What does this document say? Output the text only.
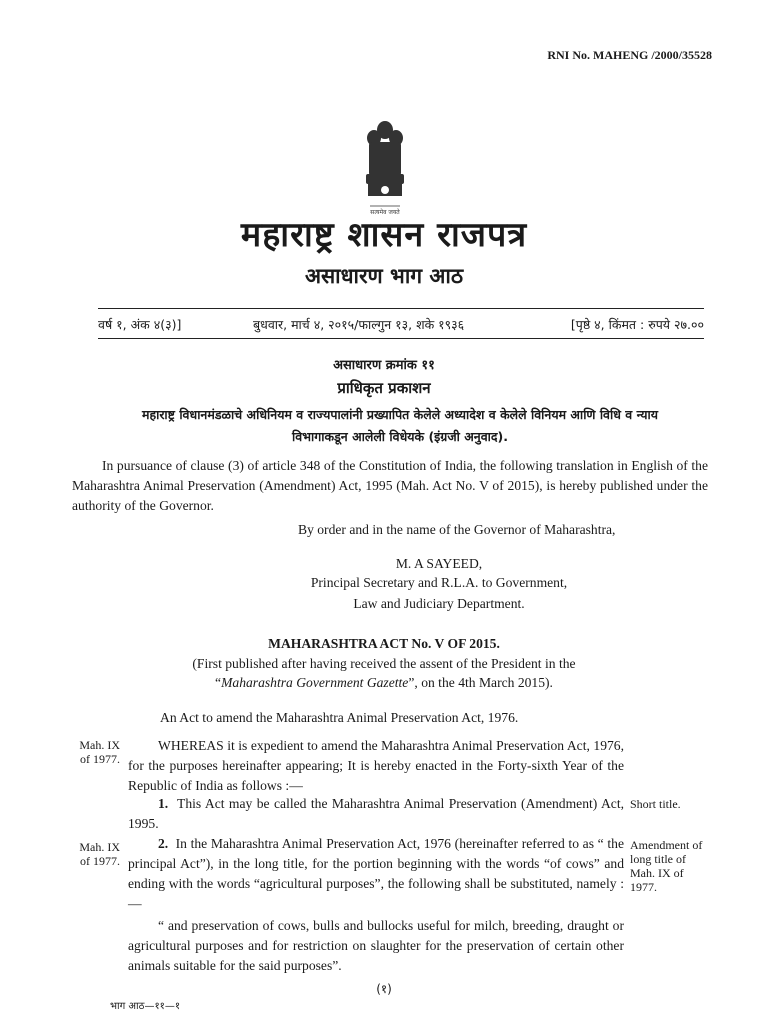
RNI No. MAHENG /2000/35528
सत्यमेव जयते
महाराष्ट्र शासन राजपत्र
असाधारण भाग आठ
वर्ष १, अंक ४(३)]	बुधवार, मार्च ४, २०१५/फाल्गुन १३, शके १९३६	[पृष्ठे ४, किंमत : रुपये २७.००
असाधारण क्रमांक ११
प्राधिकृत प्रकाशन
महाराष्ट्र विधानमंडळाचे अधिनियम व राज्यपालांनी प्रख्यापित केलेले अध्यादेश व केलेले विनियम आणि विधि व न्याय
विभागाकडून आलेली विधेयके (इंग्रजी अनुवाद).
In pursuance of clause (3) of article 348 of the Constitution of India, the following translation in English of the Maharashtra Animal Preservation (Amendment) Act, 1995 (Mah. Act No. V of 2015), is hereby published under the authority of the Governor.
By order and in the name of the Governor of Maharashtra,
M. A SAYEED,
Principal Secretary and R.L.A. to Government,
Law and Judiciary Department.
MAHARASHTRA ACT No. V OF 2015.
(First published after having received the assent of the President in the
“Maharashtra Government Gazette”, on the 4th March 2015).
An Act to amend the Maharashtra Animal Preservation Act, 1976.
Mah. IX of 1977.
WHEREAS it is expedient to amend the Maharashtra Animal Preservation Act, 1976, for the purposes hereinafter appearing; It is hereby enacted in the Forty-sixth Year of the Republic of India as follows :—
1. This Act may be called the Maharashtra Animal Preservation (Amendment) Act, 1995.
Short title.
Mah. IX of 1977.
2. In the Maharashtra Animal Preservation Act, 1976 (hereinafter referred to as “ the principal Act”), in the long title, for the portion beginning with the words “of cows” and ending with the words “agricultural purposes”, the following shall be substituted, namely :—
Amendment of long title of Mah. IX of 1977.
“ and preservation of cows, bulls and bullocks useful for milch, breeding, draught or agricultural purposes and for restriction on slaughter for the preservation of certain other animals suitable for the said purposes”.
(१)
भाग आठ—११—१
